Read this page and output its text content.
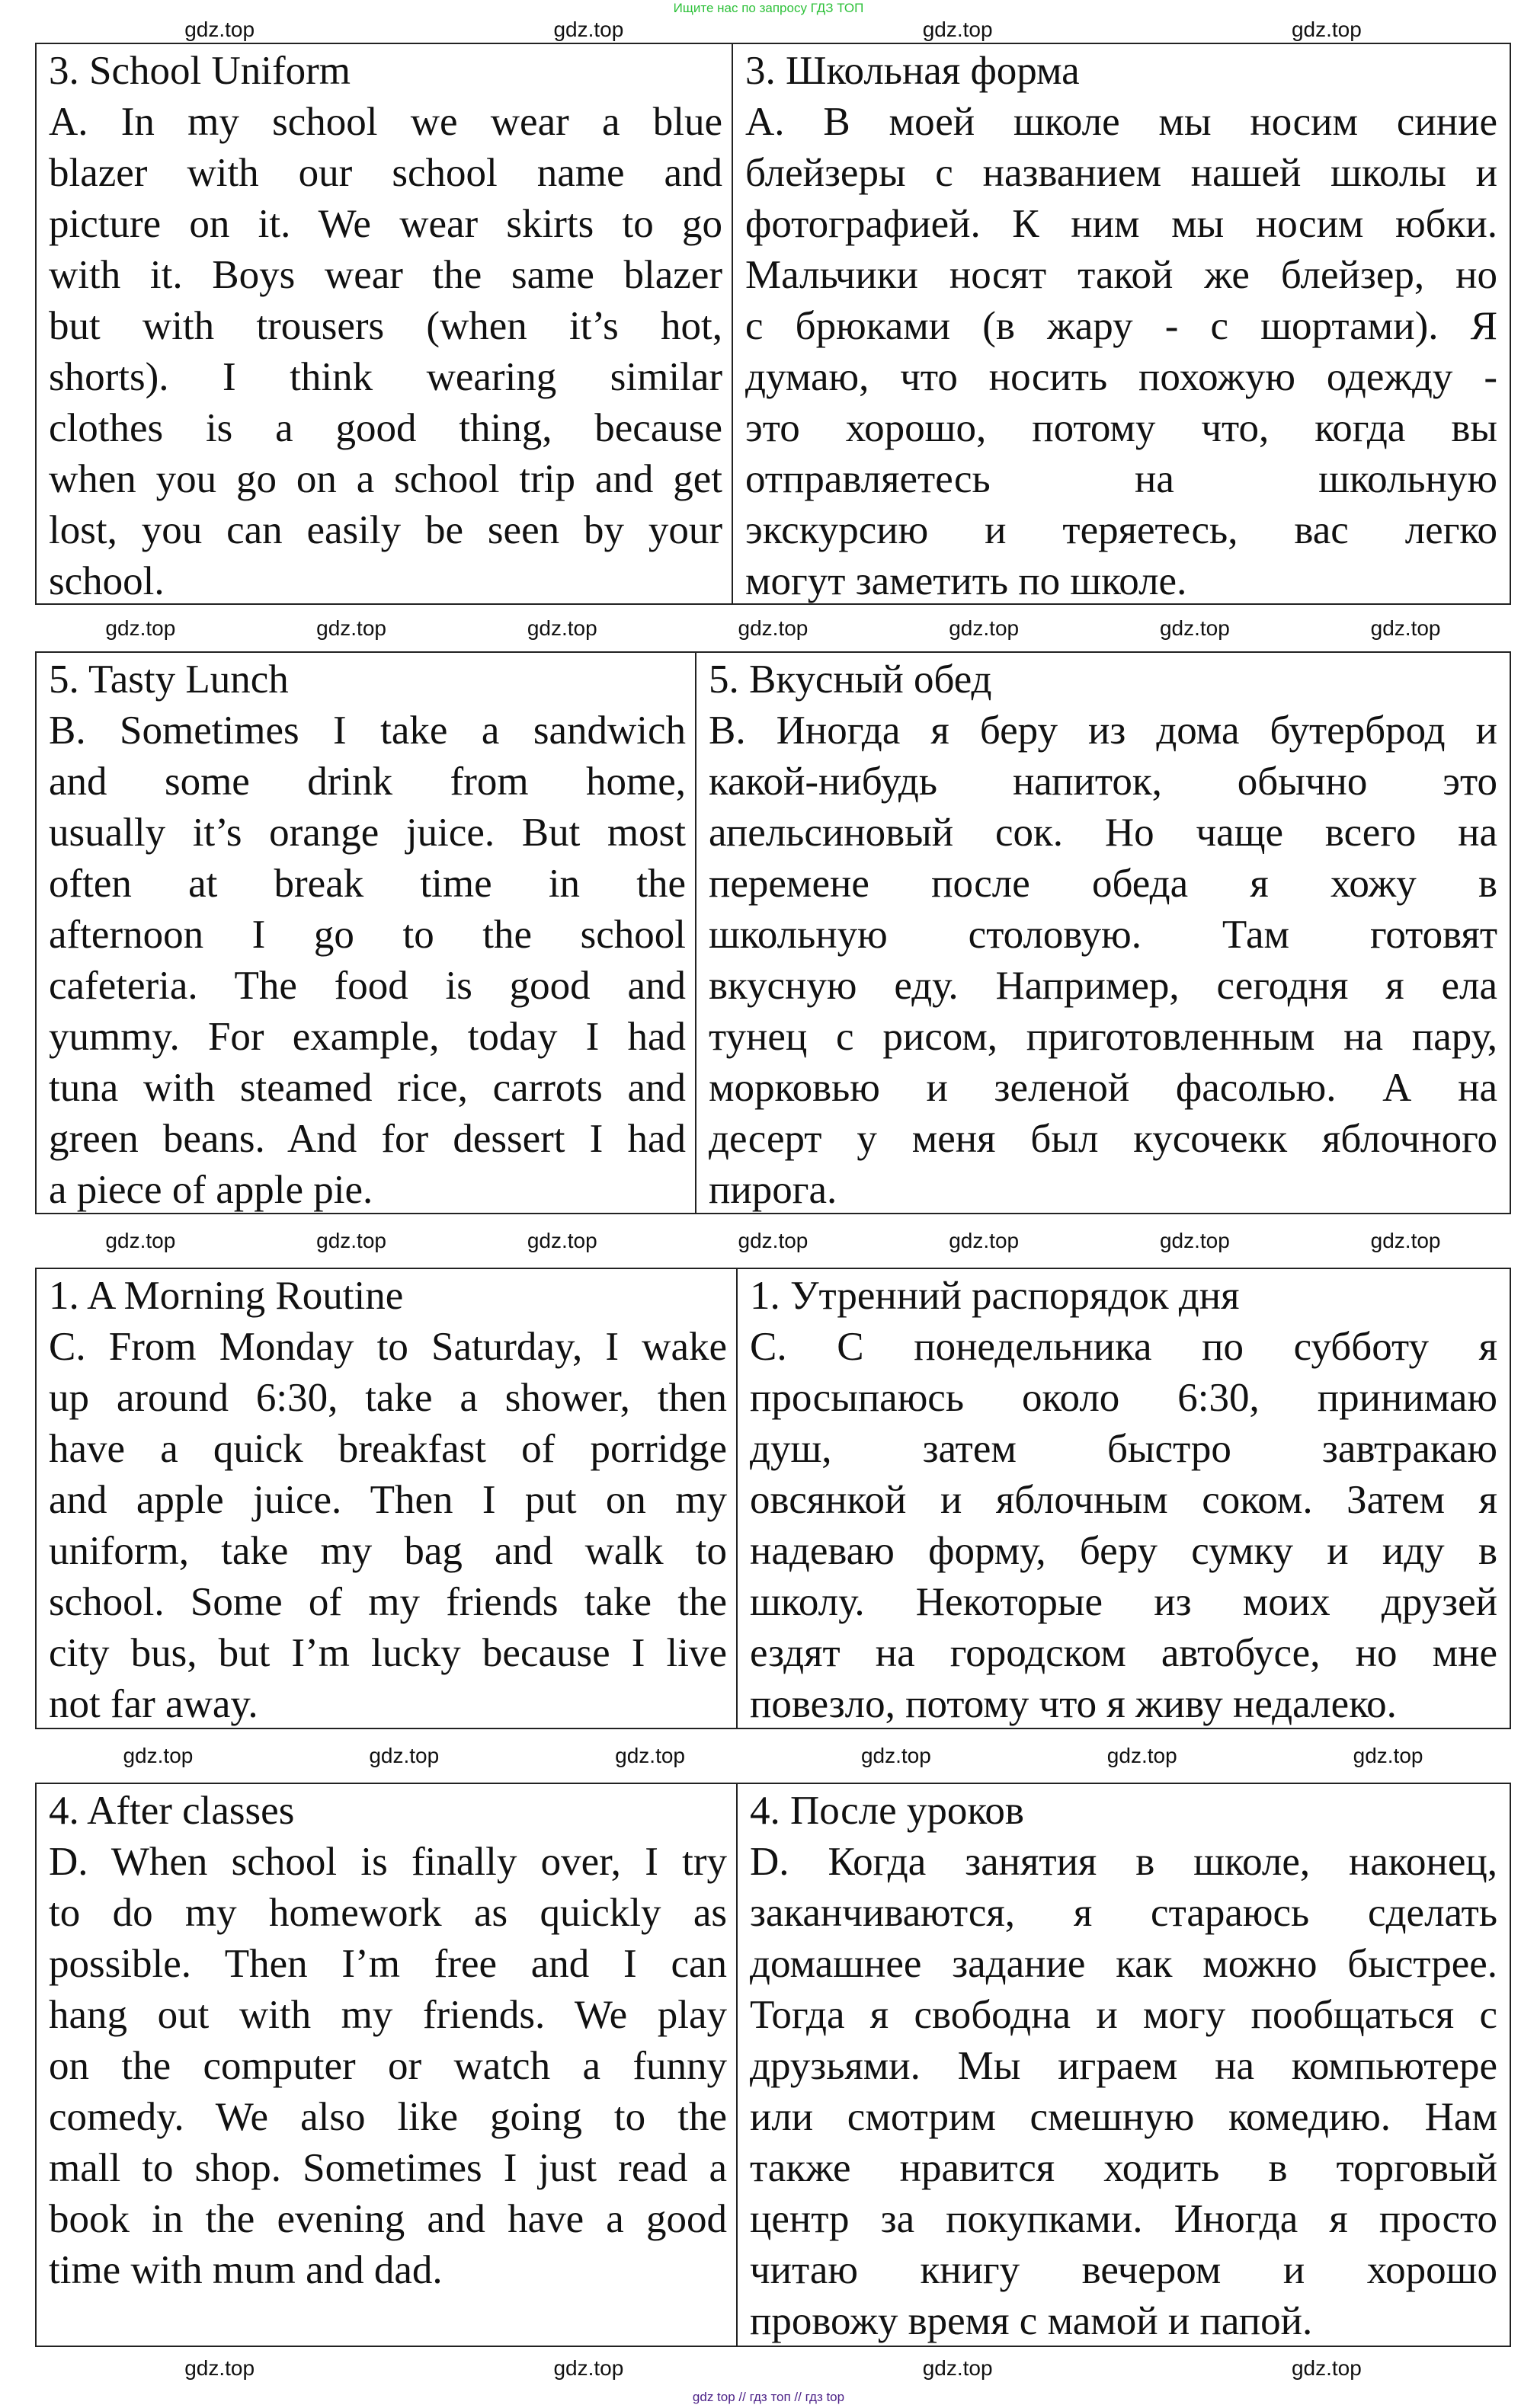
Ищите нас по запросу ГДЗ ТОП
3. School Uniform
A. In my school we wear a blue
blazer with our school name and
picture on it. We wear skirts to go
with it. Boys wear the same blazer
but with trousers (when it’s hot,
shorts). I think wearing similar
clothes is a good thing, because
when you go on a school trip and get
lost, you can easily be seen by your
school.
3. Школьная форма
А. В моей школе мы носим синие
блейзеры с названием нашей школы и
фотографией. К ним мы носим юбки.
Мальчики носят такой же блейзер, но
с брюками (в жару - с шортами). Я
думаю, что носить похожую одежду -
это хорошо, потому что, когда вы
отправляетесь на школьную
экскурсию и теряетесь, вас легко
могут заметить по школе.
5. Tasty Lunch
B. Sometimes I take a sandwich
and some drink from home,
usually it’s orange juice. But most
often at break time in the
afternoon I go to the school
cafeteria. The food is good and
yummy. For example, today I had
tuna with steamed rice, carrots and
green beans. And for dessert I had
a piece of apple pie.
5. Вкусный обед
В. Иногда я беру из дома бутерброд и
какой-нибудь напиток, обычно это
апельсиновый сок. Но чаще всего на
перемене после обеда я хожу в
школьную столовую. Там готовят
вкусную еду. Например, сегодня я ела
тунец с рисом, приготовленным на пару,
морковью и зеленой фасолью. А на
десерт у меня был кусочекк яблочного
пирога.
1. A Morning Routine
C. From Monday to Saturday, I wake
up around 6:30, take a shower, then
have a quick breakfast of porridge
and apple juice. Then I put on my
uniform, take my bag and walk to
school. Some of my friends take the
city bus, but I’m lucky because I live
not far away.
1. Утренний распорядок дня
С. С понедельника по субботу я
просыпаюсь около 6:30, принимаю
душ, затем быстро завтракаю
овсянкой и яблочным соком. Затем я
надеваю форму, беру сумку и иду в
школу. Некоторые из моих друзей
ездят на городском автобусе, но мне
повезло, потому что я живу недалеко.
4. After classes
D. When school is finally over, I try
to do my homework as quickly as
possible. Then I’m free and I can
hang out with my friends. We play
on the computer or watch a funny
comedy. We also like going to the
mall to shop. Sometimes I just read a
book in the evening and have a good
time with mum and dad.
4. После уроков
D. Когда занятия в школе, наконец,
заканчиваются, я стараюсь сделать
домашнее задание как можно быстрее.
Тогда я свободна и могу пообщаться с
друзьями. Мы играем на компьютере
или смотрим смешную комедию. Нам
также нравится ходить в торговый
центр за покупками. Иногда я просто
читаю книгу вечером и хорошо
провожу время с мамой и папой.
gdz.top	gdz.top	gdz.top	gdz.top
gdz.top	gdz.top	gdz.top	gdz.top	gdz.top	gdz.top	gdz.top
gdz.top	gdz.top	gdz.top	gdz.top	gdz.top	gdz.top	gdz.top
gdz.top	gdz.top	gdz.top	gdz.top	gdz.top	gdz.top
gdz.top	gdz.top	gdz.top	gdz.top
gdz top // гдз топ // гдз top
